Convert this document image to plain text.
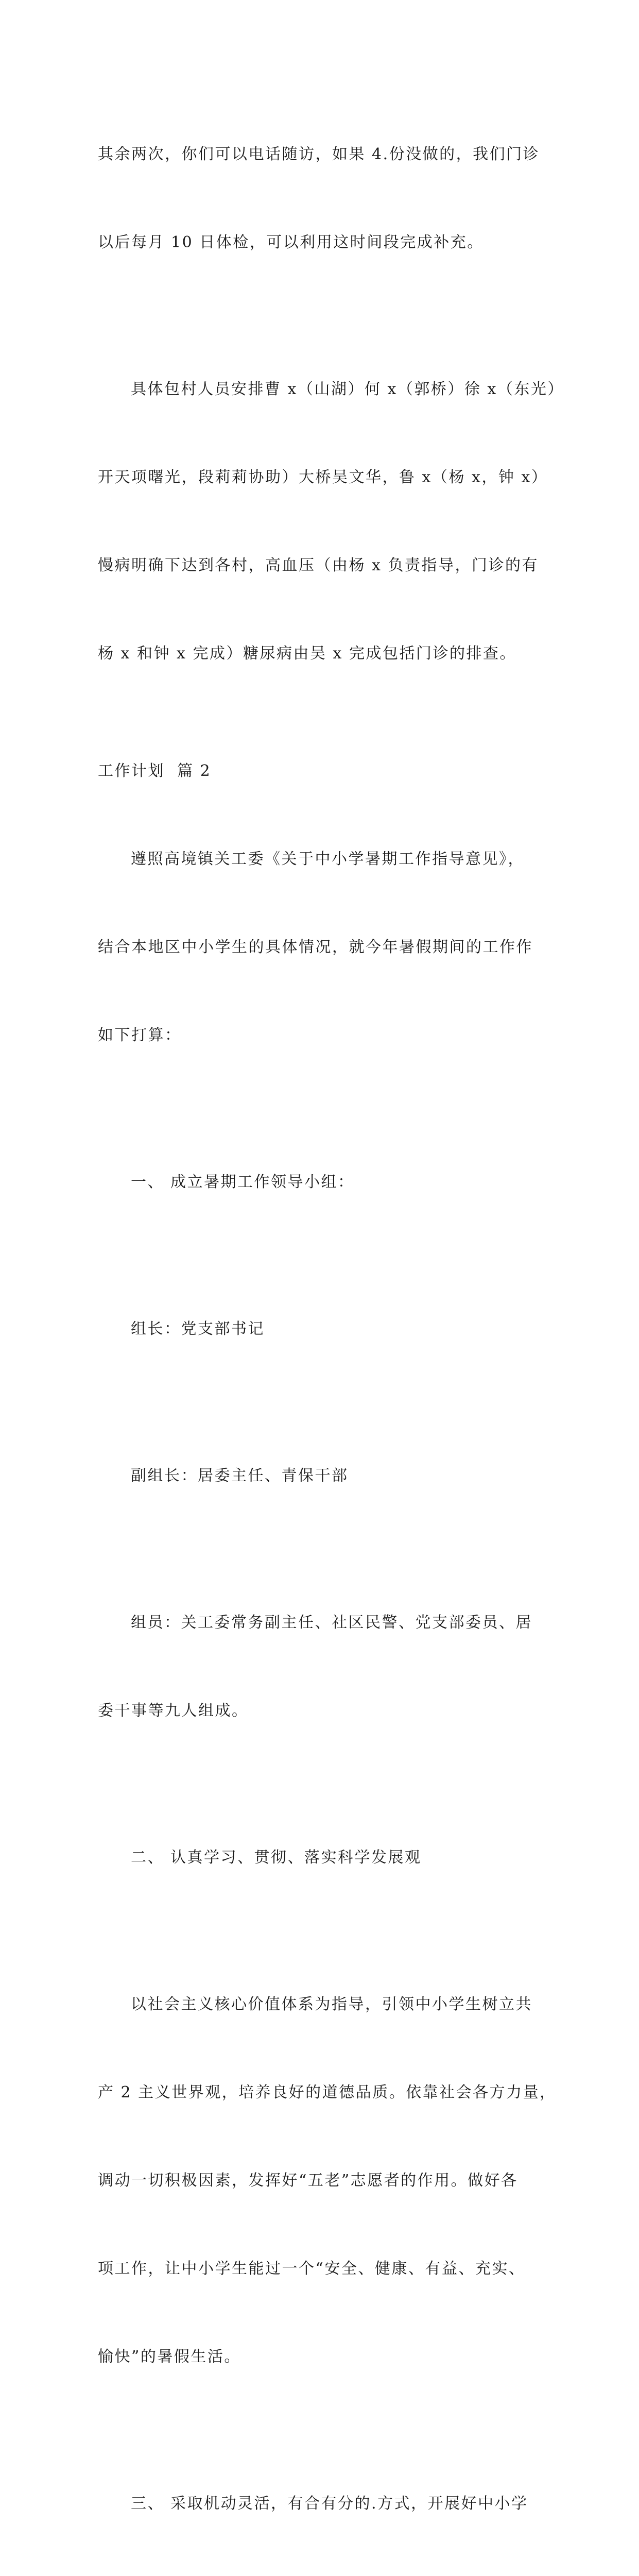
其余两次，你们可以电话随访，如果 4.份没做的，我们门诊

以后每月 10 日体检，可以利用这时间段完成补充。

具体包村人员安排曹 x（山湖）何 x（郭桥）徐 x（东光）

开天项曙光，段莉莉协助）大桥吴文华，鲁 x（杨 x，钟 x）

慢病明确下达到各村，高血压（由杨 x 负责指导，门诊的有

杨 x 和钟 x 完成）糖尿病由吴 x 完成包括门诊的排查。

工作计划  篇 2

遵照高境镇关工委《关于中小学暑期工作指导意见》，

结合本地区中小学生的具体情况，就今年暑假期间的工作作

如下打算：

一、 成立暑期工作领导小组：

组长：党支部书记

副组长：居委主任、青保干部

组员：关工委常务副主任、社区民警、党支部委员、居

委干事等九人组成。

二、 认真学习、贯彻、落实科学发展观

以社会主义核心价值体系为指导，引领中小学生树立共

产 2 主义世界观，培养良好的道德品质。依靠社会各方力量，

调动一切积极因素，发挥好“五老”志愿者的作用。做好各

项工作，让中小学生能过一个“安全、健康、有益、充实、

愉快”的暑假生活。

三、 采取机动灵活，有合有分的.方式，开展好中小学
